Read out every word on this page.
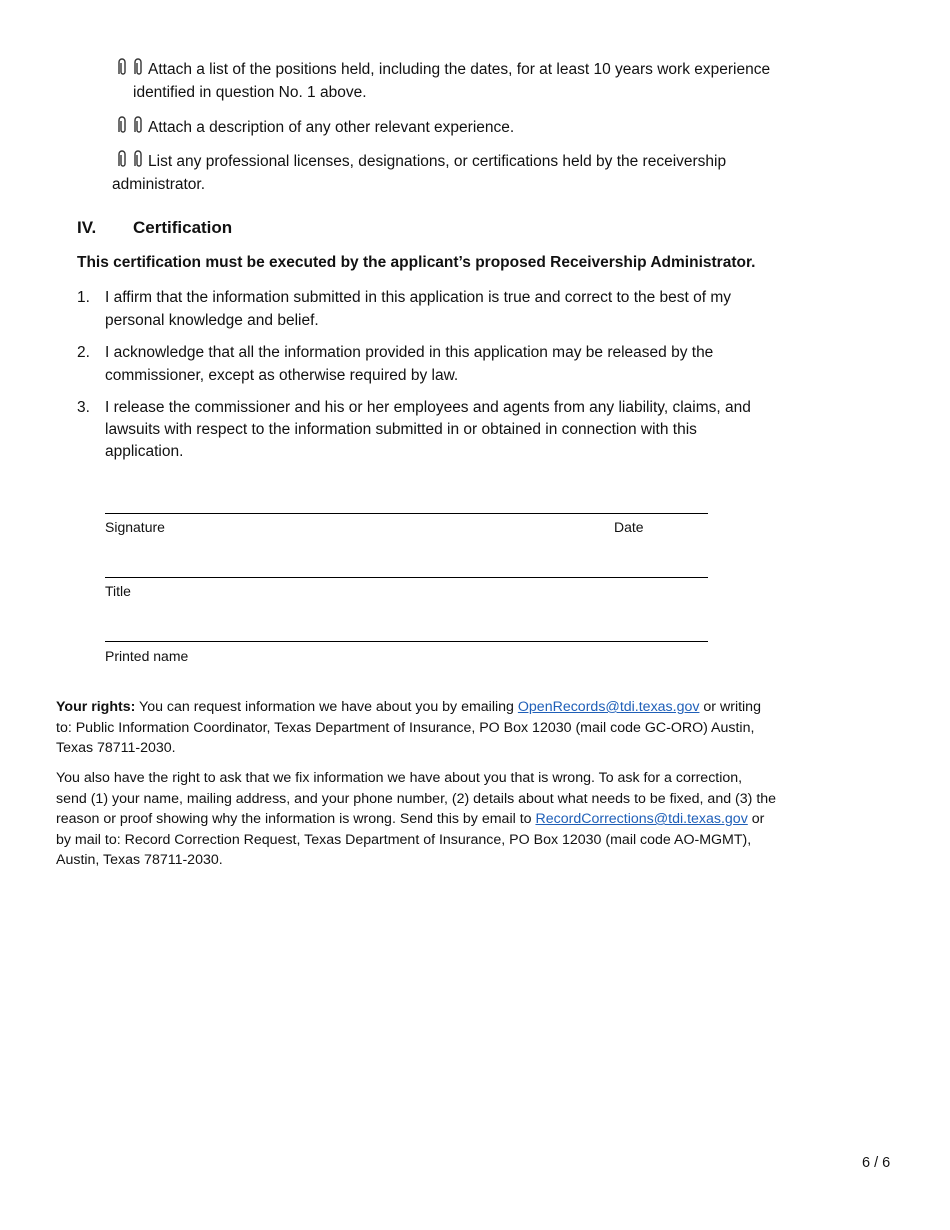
Attach a list of the positions held, including the dates, for at least 10 years work experience
identified in question No. 1 above.
Attach a description of any other relevant experience.
List any professional licenses, designations, or certifications held by the receivership
administrator.
IV. Certification
This certification must be executed by the applicant’s proposed Receivership Administrator.
1. I affirm that the information submitted in this application is true and correct to the best of my
personal knowledge and belief.
2. I acknowledge that all the information provided in this application may be released by the
commissioner, except as otherwise required by law.
3. I release the commissioner and his or her employees and agents from any liability, claims, and
lawsuits with respect to the information submitted in or obtained in connection with this
application.
Signature	Date
Title
Printed name
Your rights: You can request information we have about you by emailing OpenRecords@tdi.texas.gov or writing
to: Public Information Coordinator, Texas Department of Insurance, PO Box 12030 (mail code GC-ORO) Austin,
Texas 78711-2030.
You also have the right to ask that we fix information we have about you that is wrong. To ask for a correction,
send (1) your name, mailing address, and your phone number, (2) details about what needs to be fixed, and (3) the
reason or proof showing why the information is wrong. Send this by email to RecordCorrections@tdi.texas.gov or
by mail to: Record Correction Request, Texas Department of Insurance, PO Box 12030 (mail code AO-MGMT),
Austin, Texas 78711-2030.
6 / 6
